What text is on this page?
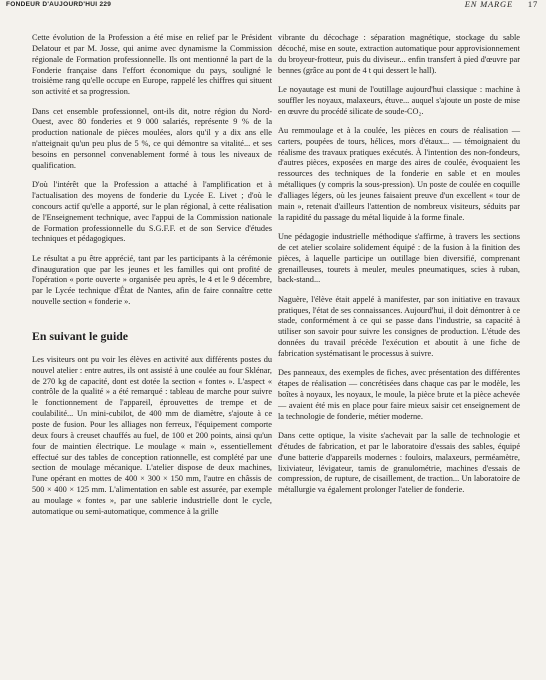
FONDEUR D'AUJOURD'HUI 229	EN MARGE 17

Cette évolution de la Profession a été mise en relief par le Président Delatour et par M. Josse, qui anime avec dynamisme la Commission régionale de Formation professionnelle. Ils ont mentionné la part de la Fonderie française dans l'effort économique du pays, souligné le troisième rang qu'elle occupe en Europe, rappelé les chiffres qui situent son activité et sa progression.

Dans cet ensemble professionnel, ont-ils dit, notre région du Nord-Ouest, avec 80 fonderies et 9 000 salariés, représente 9 % de la production nationale de pièces moulées, alors qu'il y a dix ans elle n'atteignait qu'un peu plus de 5 %, ce qui démontre sa vitalité... et ses besoins en personnel convenablement formé à tous les niveaux de qualification.

D'où l'intérêt que la Profession a attaché à l'amplification et à l'actualisation des moyens de fonderie du Lycée E. Livet ; d'où le concours actif qu'elle a apporté, sur le plan régional, à cette réalisation de l'Enseignement technique, avec l'appui de la Commission nationale de Formation professionnelle du S.G.F.F. et de son Service d'études techniques et pédagogiques.

Le résultat a pu être apprécié, tant par les participants à la cérémonie d'inauguration que par les jeunes et les familles qui ont profité de l'opération « porte ouverte » organisée peu après, le 4 et le 9 décembre, par le Lycée technique d'État de Nantes, afin de faire connaître cette nouvelle section « fonderie ».

En suivant le guide

Les visiteurs ont pu voir les élèves en activité aux différents postes du nouvel atelier : entre autres, ils ont assisté à une coulée au four Sklénar, de 270 kg de capacité, dont est dotée la section « fontes ». L'aspect « contrôle de la qualité » a été remarqué : tableau de marche pour suivre le fonctionnement de l'appareil, éprouvettes de trempe et de coulabilité... Un mini-cubilot, de 400 mm de diamètre, s'ajoute à ce poste de fusion. Pour les alliages non ferreux, l'équipement comporte deux fours à creuset chauffés au fuel, de 100 et 200 points, ainsi qu'un four de maintien électrique. Le moulage « main », essentiellement effectué sur des tables de conception rationnelle, est complété par une section de moulage mécanique. L'atelier dispose de deux machines, l'une opérant en mottes de 400 × 300 × 150 mm, l'autre en châssis de 500 × 400 × 125 mm. L'alimentation en sable est assurée, par exemple au moulage « fontes », par une sablerie industrielle dont le cycle, automatique ou semi-automatique, commence à la grille

vibrante du décochage : séparation magnétique, stockage du sable décoché, mise en soute, extraction automatique pour approvisionnement du broyeur-frotteur, puis du diviseur... enfin transfert à pied d'œuvre par bennes (grâce au pont de 4 t qui dessert le hall).

Le noyautage est muni de l'outillage aujourd'hui classique : machine à souffler les noyaux, malaxeurs, étuve... auquel s'ajoute un poste de mise en œuvre du procédé silicate de soude-CO₂.

Au remmoulage et à la coulée, les pièces en cours de réalisation — carters, poupées de tours, hélices, mors d'étaux... — témoignaient du réalisme des travaux pratiques exécutés. À l'intention des non-fondeurs, d'autres pièces, exposées en marge des aires de coulée, évoquaient les ressources des techniques de la fonderie en sable et en moules métalliques (y compris la sous-pression). Un poste de coulée en coquille d'alliages légers, où les jeunes faisaient preuve d'un excellent « tour de main », retenait d'ailleurs l'attention de nombreux visiteurs, séduits par la rapidité du passage du métal liquide à la forme finale.

Une pédagogie industrielle méthodique s'affirme, à travers les sections de cet atelier scolaire solidement équipé : de la fusion à la finition des pièces, à laquelle participe un outillage bien diversifié, comprenant grenailleuses, tourets à meuler, meules pneumatiques, scies à ruban, back-stand...

Naguère, l'élève était appelé à manifester, par son initiative en travaux pratiques, l'état de ses connaissances. Aujourd'hui, il doit démontrer à ce stade, conformément à ce qui se passe dans l'industrie, sa capacité à utiliser son savoir pour suivre les consignes de production. L'étude des données du travail précède l'exécution et aboutit à une fiche de fabrication systématisant le processus à suivre.

Des panneaux, des exemples de fiches, avec présentation des différentes étapes de réalisation — concrétisées dans chaque cas par le modèle, les boîtes à noyaux, les noyaux, le moule, la pièce brute et la pièce achevée — avaient été mis en place pour faire mieux saisir cet enseignement de la technologie de fonderie, métier moderne.

Dans cette optique, la visite s'achevait par la salle de technologie et d'études de fabrication, et par le laboratoire d'essais des sables, équipé d'une batterie d'appareils modernes : fouloirs, malaxeurs, perméamètre, lixiviateur, lévigateur, tamis de granulométrie, machines d'essais de compression, de rupture, de cisaillement, de traction... Un laboratoire de métallurgie va également prolonger l'atelier de fonderie.
